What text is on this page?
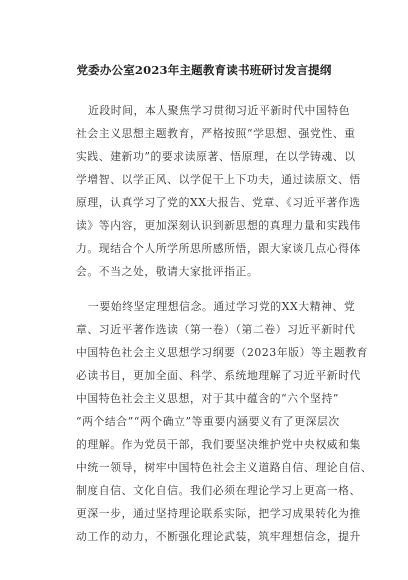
党委办公室2023年主题教育读书班研讨发言提纲
近段时间，本人聚焦学习贯彻习近平新时代中国特色
社会主义思想主题教育，严格按照“学思想、强党性、重
实践、建新功”的要求读原著、悟原理，在以学铸魂、以
学增智、以学正风、以学促干上下功夫，通过读原文、悟
原理，认真学习了党的XX大报告、党章、《习近平著作选
读》等内容，更加深刻认识到新思想的真理力量和实践伟
力。现结合个人所学所思所感所悟，跟大家谈几点心得体
会。不当之处，敬请大家批评指正。
一要始终坚定理想信念。通过学习党的XX大精神、党
章、习近平著作选读（第一卷）（第二卷）习近平新时代
中国特色社会主义思想学习纲要（2023年版）等主题教育
必读书目，更加全面、科学、系统地理解了习近平新时代
中国特色社会主义思想，对于其中蕴含的“六个坚持”
“两个结合”“两个确立”等重要内涵要义有了更深层次
的理解。作为党员干部，我们要坚决维护党中央权威和集
中统一领导，树牢中国特色社会主义道路自信、理论自信、
制度自信、文化自信。我们必须在理论学习上更高一格、
更深一步，通过坚持理论联系实际，把学习成果转化为推
动工作的动力，不断强化理论武装，筑牢理想信念，提升
